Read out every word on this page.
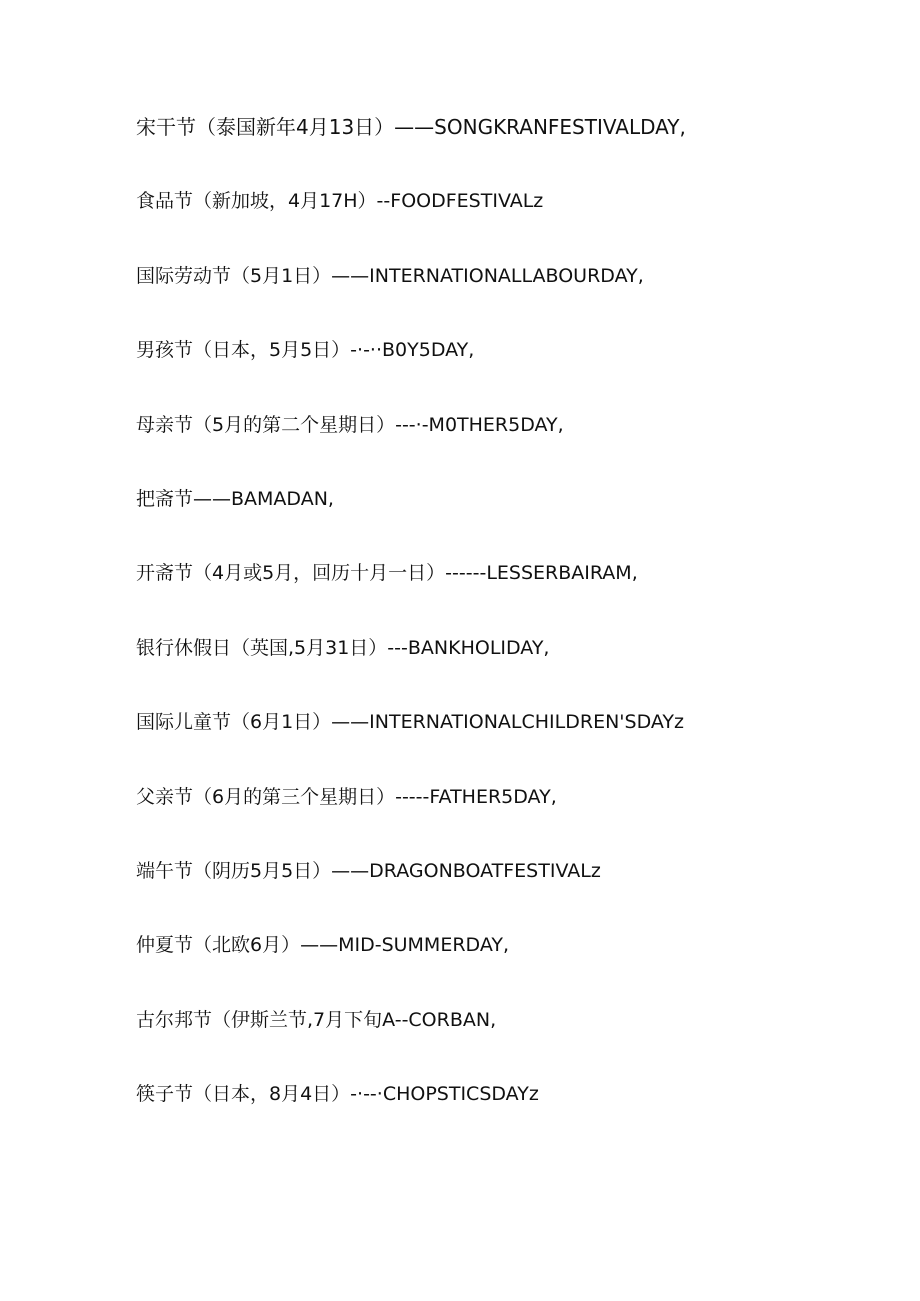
宋干节（泰国新年4月13日）——SONGKRANFESTIVALDAY,
食品节（新加坡，4月17H）--FOODFESTIVALz
国际劳动节（5月1日）——INTERNATIONALLABOURDAY,
男孩节（日本，5月5日）-·-··B0Y5DAY,
母亲节（5月的第二个星期日）---·-M0THER5DAY,
把斋节——BAMADAN,
开斋节（4月或5月，回历十月一日）------LESSERBAIRAM,
银行休假日（英国,5月31日）---BANKHOLIDAY,
国际儿童节（6月1日）——INTERNATIONALCHILDREN'SDAYz
父亲节（6月的第三个星期日）-----FATHER5DAY,
端午节（阴历5月5日）——DRAGONBOATFESTIVALz
仲夏节（北欧6月）——MID-SUMMERDAY,
古尔邦节（伊斯兰节,7月下旬A--CORBAN,
筷子节（日本，8月4日）-·--·CHOPSTICSDAYz
